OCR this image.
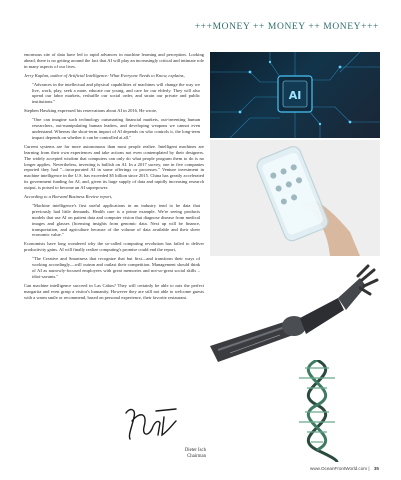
+++MONEY ++ MONEY ++ MONEY+++

enormous site of data have led to rapid advances in machine learning and perception. Looking ahead, there is no getting around the fact that AI will play an increasingly critical and intimate role in many aspects of our lives.

Jerry Kaplan, author of Artificial Intelligence: What Everyone Needs to Know, explains,

"Advances in the intellectual and physical capabilities of machines will change the way we live, work, play, seek a mate, educate our young, and care for our elderly. They will also upend our labor markets, reshuffle our social order, and strain our private and public institutions."

Stephen Hawking expressed his reservations about AI in 2016. He wrote,

"One can imagine such technology outsmarting financial markets, out-inventing human researchers, out-manipulating human leaders, and developing weapons we cannot even understand. Whereas the short-term impact of AI depends on who controls it, the long-term impact depends on whether it can be controlled at all."

Current systems are far more autonomous than most people realize. Intelligent machines are learning from their own experiences and take actions not even contemplated by their designers. The widely accepted wisdom that computers can only do what people program them to do is no longer applies. Nevertheless, investing is bullish on AI. In a 2017 survey, one in five companies reported they had "...incorporated AI in some offerings or processes." Venture investment in machine intelligence in the U.S. has exceeded $5 billion since 2015. China has greatly accelerated its government funding for AI, and, given its large supply of data and rapidly increasing research output, is poised to become an AI superpower.

According to a Harvard Business Review report,

"Machine intelligence's first useful applications in an industry tend to be data that previously had little demands. Health care is a prime example. We're seeing products models that use AI on patient data and computer vision that diagnose disease from medical images and glasses (licensing insights from genomic data. Next up will be finance, transportation, and agriculture because of the volume of data available and their sheer economic value."

Economists have long wondered why the so-called computing revolution has failed to deliver productivity gains. AI will finally realize computing's promise could end the report,

"The Creative and Smartness that recognize that but first—and transform their ways of working accordingly—will outrun and outlast their competition. Management should think of AI as narrowly-focused employees with great memories and not-so-great social skills – idiot-savants."

Can machine intelligence succeed in Las Cabos? They will certainly be able to mix the perfect margarita and even grasp a visitor's humanity. However they are still not able to welcome guests with a warm smile or recommend, based on personal experience, their favorite restaurant.

AI
Dieter Isch
Chairman
www.OceanFrontWorld.com | 35
